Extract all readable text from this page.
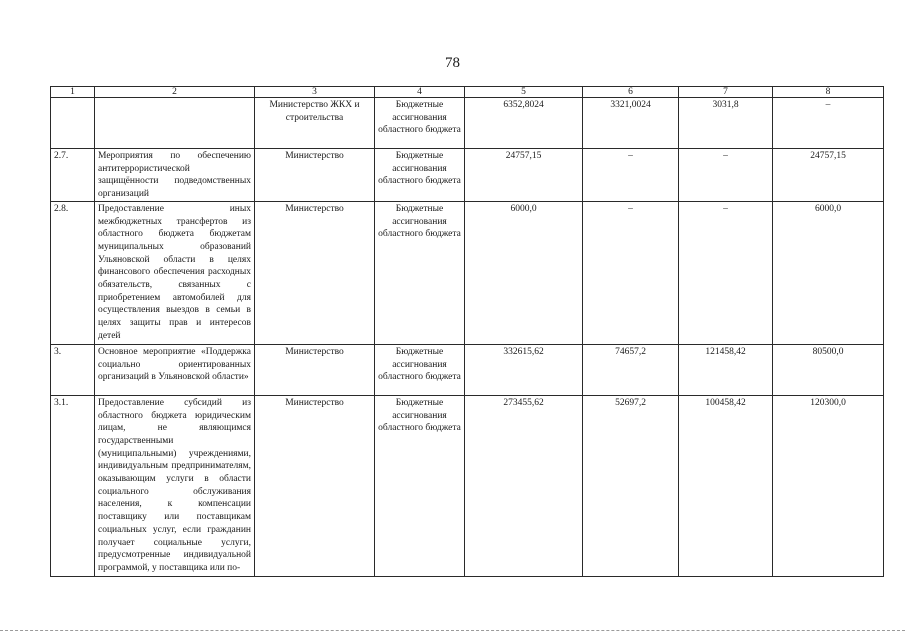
78
1	2	3	4	5	6	7	8
		Министерство ЖКХ и строительства	Бюджетные ассигнования областного бюджета	6352,8024	3321,0024	3031,8	–
2.7.	Мероприятия по обеспечению антитеррористической защищённости подведомственных организаций	Министерство	Бюджетные ассигнования областного бюджета	24757,15	–	–	24757,15
2.8.	Предоставление иных межбюджетных трансфертов из областного бюджета бюджетам муниципальных образований Ульяновской области в целях финансового обеспечения расходных обязательств, связанных с приобретением автомобилей для осуществления выездов в семьи в целях защиты прав и интересов детей	Министерство	Бюджетные ассигнования областного бюджета	6000,0	–	–	6000,0
3.	Основное мероприятие «Поддержка социально ориентированных организаций в Ульяновской области»	Министерство	Бюджетные ассигнования областного бюджета	332615,62	74657,2	121458,42	80500,0
3.1.	Предоставление субсидий из областного бюджета юридическим лицам, не являющимся государственными (муниципальными) учреждениями, индивидуальным предпринимателям, оказывающим услуги в области социального обслуживания населения, к компенсации поставщику или поставщикам социальных услуг, если гражданин получает социальные услуги, предусмотренные индивидуальной программой, у поставщика или по-	Министерство	Бюджетные ассигнования областного бюджета	273455,62	52697,2	100458,42	120300,0
